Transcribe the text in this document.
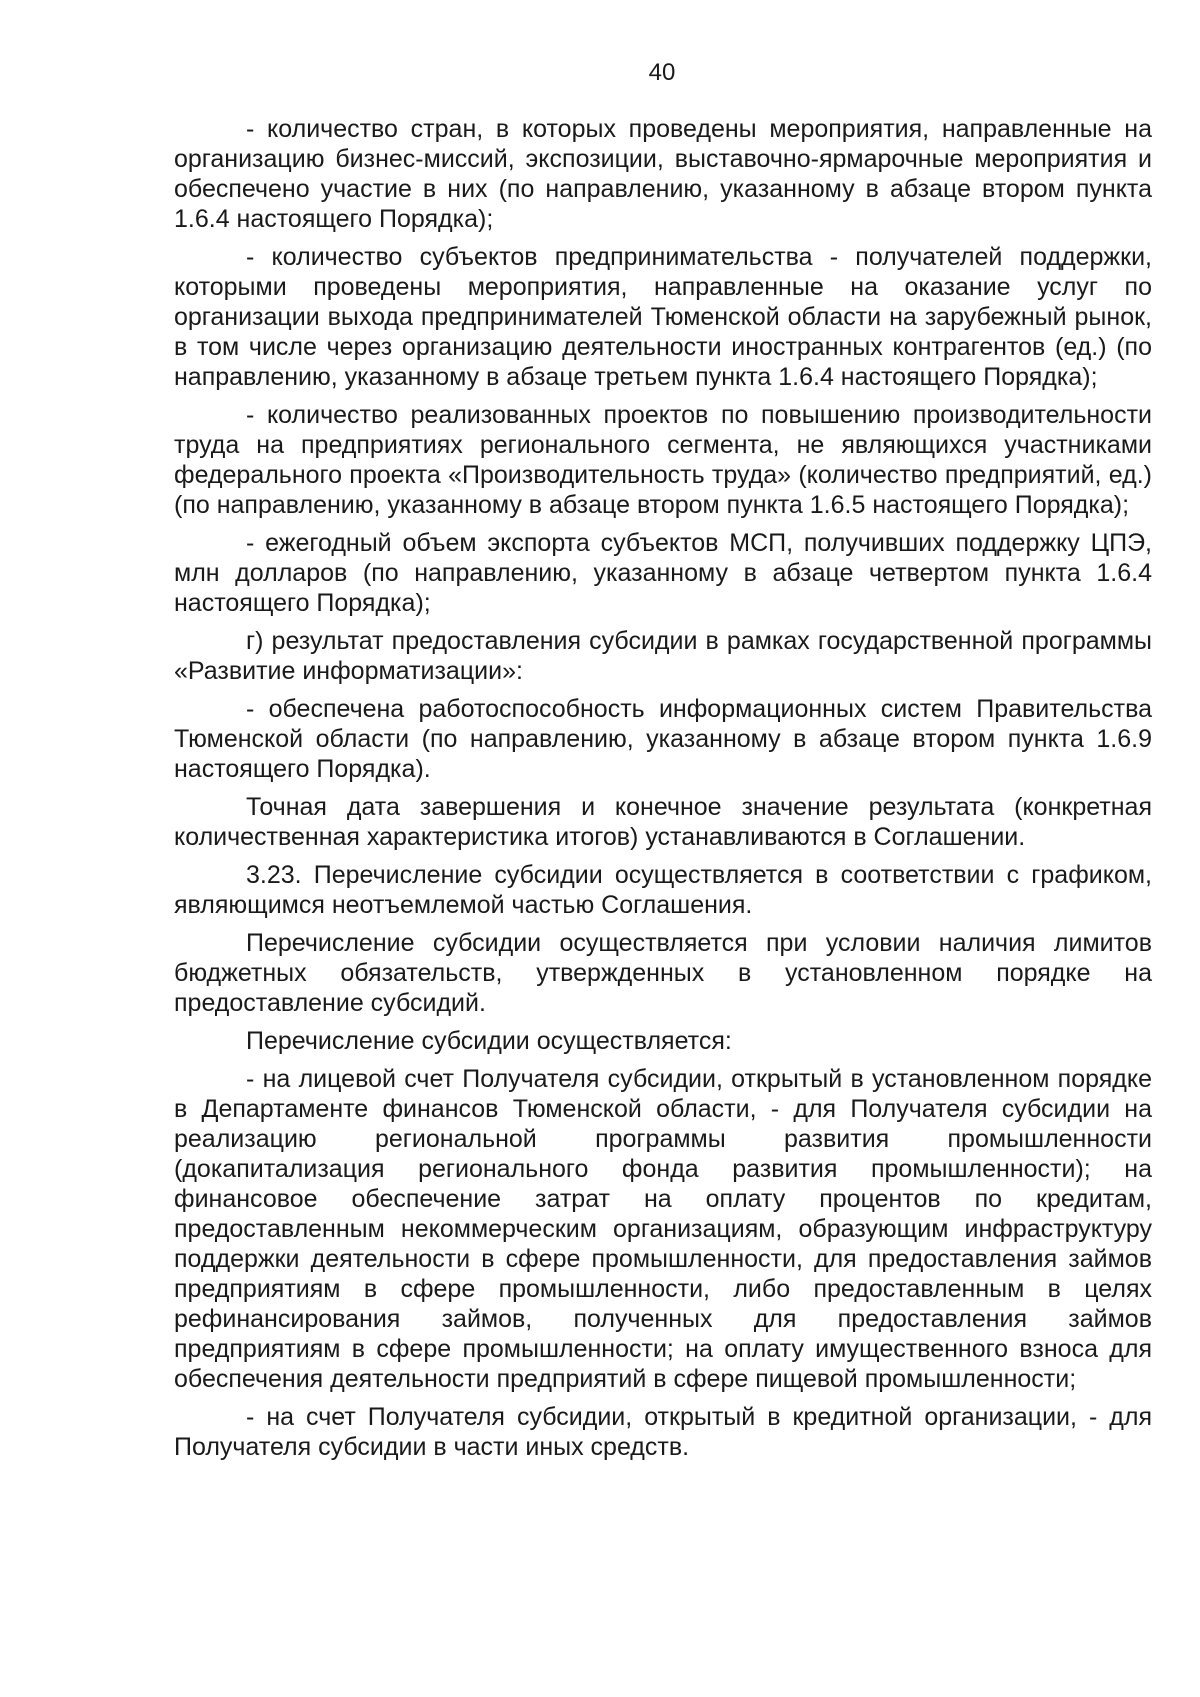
40

- количество стран, в которых проведены мероприятия, направленные на организацию бизнес-миссий, экспозиции, выставочно-ярмарочные мероприятия и обеспечено участие в них (по направлению, указанному в абзаце втором пункта 1.6.4 настоящего Порядка);

- количество субъектов предпринимательства - получателей поддержки, которыми проведены мероприятия, направленные на оказание услуг по организации выхода предпринимателей Тюменской области на зарубежный рынок, в том числе через организацию деятельности иностранных контрагентов (ед.) (по направлению, указанному в абзаце третьем пункта 1.6.4 настоящего Порядка);

- количество реализованных проектов по повышению производительности труда на предприятиях регионального сегмента, не являющихся участниками федерального проекта «Производительность труда» (количество предприятий, ед.) (по направлению, указанному в абзаце втором пункта 1.6.5 настоящего Порядка);

- ежегодный объем экспорта субъектов МСП, получивших поддержку ЦПЭ, млн долларов (по направлению, указанному в абзаце четвертом пункта 1.6.4 настоящего Порядка);

г) результат предоставления субсидии в рамках государственной программы «Развитие информатизации»:

- обеспечена работоспособность информационных систем Правительства Тюменской области (по направлению, указанному в абзаце втором пункта 1.6.9 настоящего Порядка).

Точная дата завершения и конечное значение результата (конкретная количественная характеристика итогов) устанавливаются в Соглашении.

3.23. Перечисление субсидии осуществляется в соответствии с графиком, являющимся неотъемлемой частью Соглашения.

Перечисление субсидии осуществляется при условии наличия лимитов бюджетных обязательств, утвержденных в установленном порядке на предоставление субсидий.

Перечисление субсидии осуществляется:

- на лицевой счет Получателя субсидии, открытый в установленном порядке в Департаменте финансов Тюменской области, - для Получателя субсидии на реализацию региональной программы развития промышленности (докапитализация регионального фонда развития промышленности); на финансовое обеспечение затрат на оплату процентов по кредитам, предоставленным некоммерческим организациям, образующим инфраструктуру поддержки деятельности в сфере промышленности, для предоставления займов предприятиям в сфере промышленности, либо предоставленным в целях рефинансирования займов, полученных для предоставления займов предприятиям в сфере промышленности; на оплату имущественного взноса для обеспечения деятельности предприятий в сфере пищевой промышленности;

- на счет Получателя субсидии, открытый в кредитной организации, - для Получателя субсидии в части иных средств.
